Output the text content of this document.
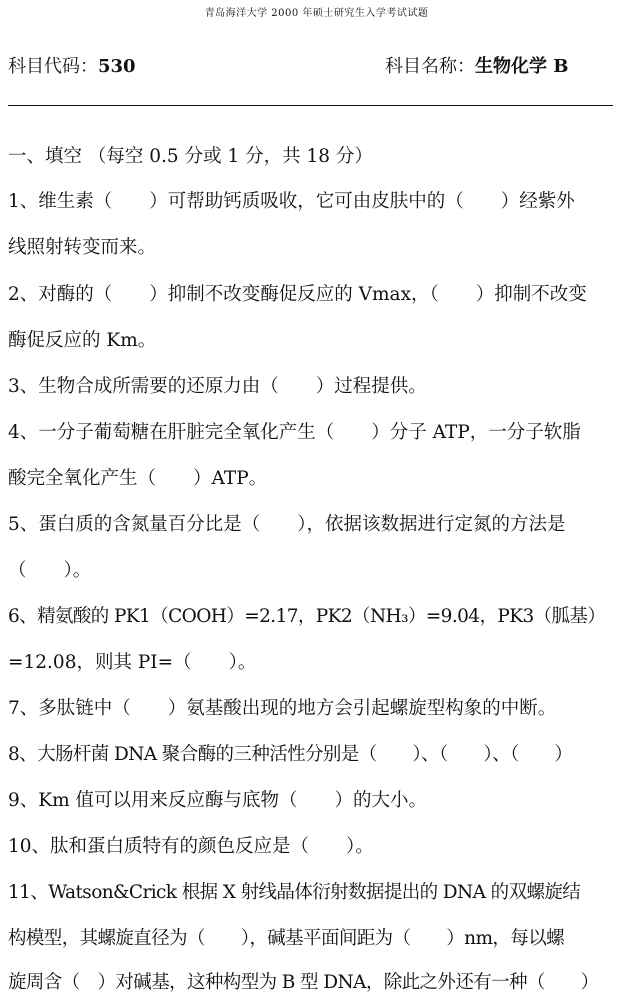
青岛海洋大学 2000 年硕士研究生入学考试试题
科目代码：530	科目名称：生物化学 B
一、填空 （每空 0.5 分或 1 分，共 18 分）
1、维生素（　　）可帮助钙质吸收，它可由皮肤中的（　　）经紫外
线照射转变而来。
2、对酶的（　　）抑制不改变酶促反应的 Vmax，（　　）抑制不改变
酶促反应的 Km。
3、生物合成所需要的还原力由（　　）过程提供。
4、一分子葡萄糖在肝脏完全氧化产生（　　）分子 ATP，一分子软脂
酸完全氧化产生（　　）ATP。
5、蛋白质的含氮量百分比是（　　），依据该数据进行定氮的方法是
（　　）。
6、精氨酸的 PK1（COOH）=2.17，PK2（NH₃）=9.04，PK3（胍基）
=12.08，则其 PI=（　　）。
7、多肽链中（　　）氨基酸出现的地方会引起螺旋型构象的中断。
8、大肠杆菌 DNA 聚合酶的三种活性分别是（　　）、（　　）、（　　）
9、Km 值可以用来反应酶与底物（　　）的大小。
10、肽和蛋白质特有的颜色反应是（　　）。
11、Watson&Crick 根据 X 射线晶体衍射数据提出的 DNA 的双螺旋结
构模型，其螺旋直径为（　　），碱基平面间距为（　　）nm，每以螺
旋周含（　）对碱基，这种构型为 B 型 DNA，除此之外还有一种（　　）
